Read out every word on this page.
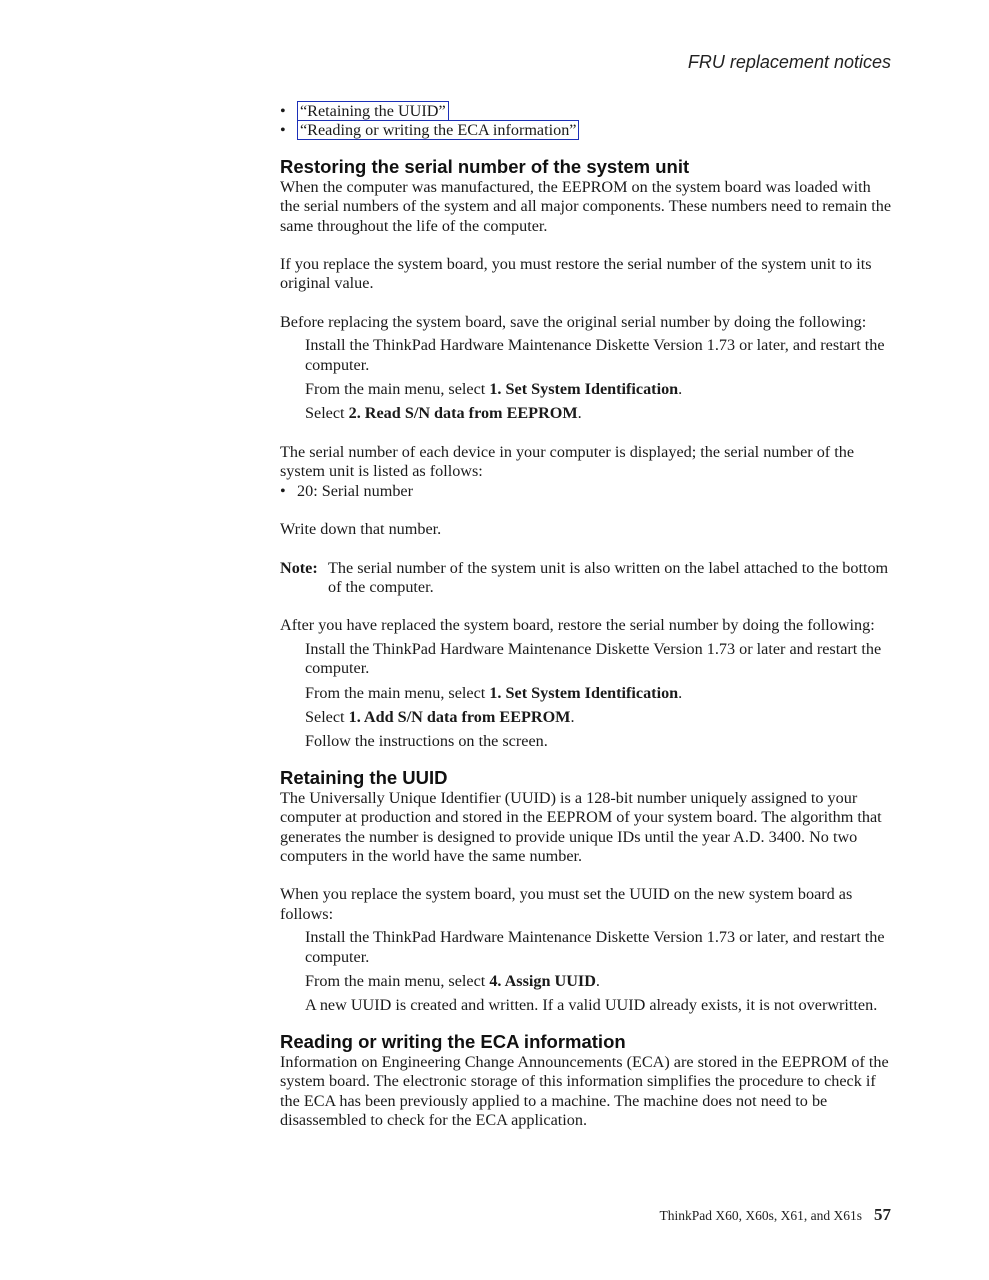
FRU replacement notices
• “Retaining the UUID”
• “Reading or writing the ECA information”
Restoring the serial number of the system unit

When the computer was manufactured, the EEPROM on the system board was loaded with the serial numbers of the system and all major components. These numbers need to remain the same throughout the life of the computer.

If you replace the system board, you must restore the serial number of the system unit to its original value.

Before replacing the system board, save the original serial number by doing the following:

Install the ThinkPad Hardware Maintenance Diskette Version 1.73 or later, and restart the computer.
From the main menu, select 1. Set System Identification.
Select 2. Read S/N data from EEPROM.

The serial number of each device in your computer is displayed; the serial number of the system unit is listed as follows:

• 20: Serial number

Write down that number.

Note: The serial number of the system unit is also written on the label attached to the bottom of the computer.

After you have replaced the system board, restore the serial number by doing the following:

Install the ThinkPad Hardware Maintenance Diskette Version 1.73 or later and restart the computer.
From the main menu, select 1. Set System Identification.
Select 1. Add S/N data from EEPROM.
Follow the instructions on the screen.
Retaining the UUID

The Universally Unique Identifier (UUID) is a 128-bit number uniquely assigned to your computer at production and stored in the EEPROM of your system board. The algorithm that generates the number is designed to provide unique IDs until the year A.D. 3400. No two computers in the world have the same number.

When you replace the system board, you must set the UUID on the new system board as follows:

Install the ThinkPad Hardware Maintenance Diskette Version 1.73 or later, and restart the computer.
From the main menu, select 4. Assign UUID.
A new UUID is created and written. If a valid UUID already exists, it is not overwritten.
Reading or writing the ECA information

Information on Engineering Change Announcements (ECA) are stored in the EEPROM of the system board. The electronic storage of this information simplifies the procedure to check if the ECA has been previously applied to a machine. The machine does not need to be disassembled to check for the ECA application.

ThinkPad X60, X60s, X61, and X61s 57
